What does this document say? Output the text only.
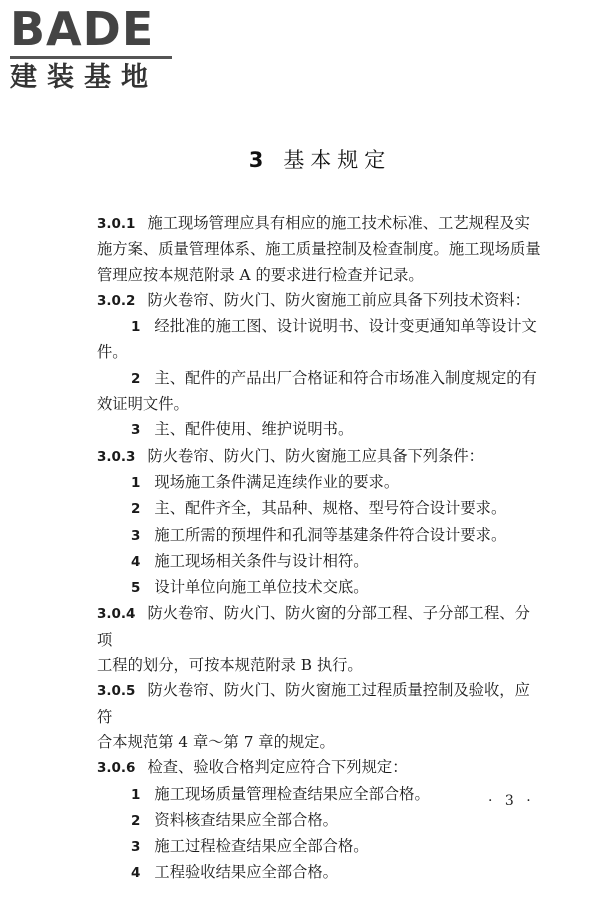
BADE
建装基地
3 基本规定
3.0.1 施工现场管理应具有相应的施工技术标准、工艺规程及实
施方案、质量管理体系、施工质量控制及检查制度。施工现场质量
管理应按本规范附录 A 的要求进行检查并记录。
3.0.2 防火卷帘、防火门、防火窗施工前应具备下列技术资料：
1 经批准的施工图、设计说明书、设计变更通知单等设计文
件。
2 主、配件的产品出厂合格证和符合市场准入制度规定的有
效证明文件。
3 主、配件使用、维护说明书。
3.0.3 防火卷帘、防火门、防火窗施工应具备下列条件：
1 现场施工条件满足连续作业的要求。
2 主、配件齐全，其品种、规格、型号符合设计要求。
3 施工所需的预埋件和孔洞等基建条件符合设计要求。
4 施工现场相关条件与设计相符。
5 设计单位向施工单位技术交底。
3.0.4 防火卷帘、防火门、防火窗的分部工程、子分部工程、分项
工程的划分，可按本规范附录 B 执行。
3.0.5 防火卷帘、防火门、防火窗施工过程质量控制及验收，应符
合本规范第 4 章～第 7 章的规定。
3.0.6 检查、验收合格判定应符合下列规定：
1 施工现场质量管理检查结果应全部合格。
2 资料核查结果应全部合格。
3 施工过程检查结果应全部合格。
4 工程验收结果应全部合格。
· 3 ·
